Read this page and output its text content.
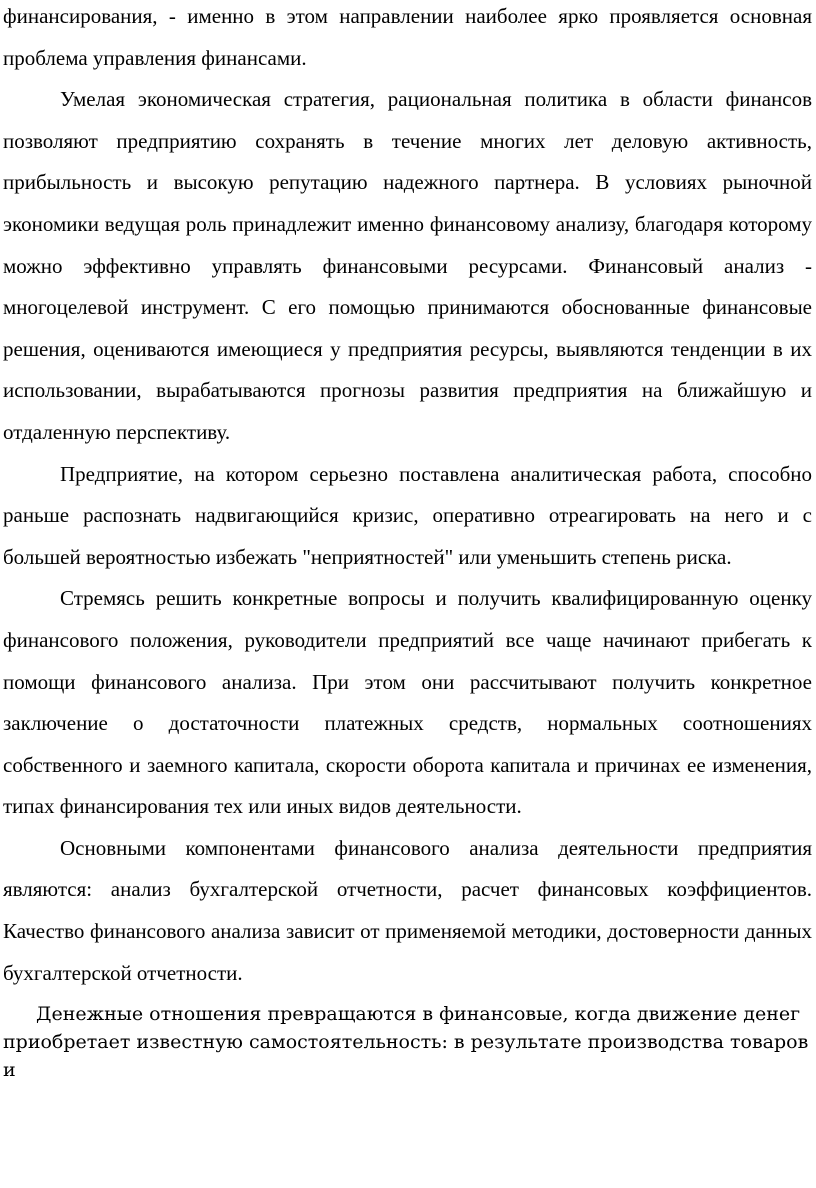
финансирования, - именно в этом направлении наиболее ярко проявляется основная проблема управления финансами.

Умелая экономическая стратегия, рациональная политика в области финансов позволяют предприятию сохранять в течение многих лет деловую активность, прибыльность и высокую репутацию надежного партнера. В условиях рыночной экономики ведущая роль принадлежит именно финансовому анализу, благодаря которому можно эффективно управлять финансовыми ресурсами. Финансовый анализ - многоцелевой инструмент. С его помощью принимаются обоснованные финансовые решения, оцениваются имеющиеся у предприятия ресурсы, выявляются тенденции в их использовании, вырабатываются прогнозы развития предприятия на ближайшую и отдаленную перспективу.

Предприятие, на котором серьезно поставлена аналитическая работа, способно раньше распознать надвигающийся кризис, оперативно отреагировать на него и с большей вероятностью избежать "неприятностей" или уменьшить степень риска.

Стремясь решить конкретные вопросы и получить квалифицированную оценку финансового положения, руководители предприятий все чаще начинают прибегать к помощи финансового анализа. При этом они рассчитывают получить конкретное заключение о достаточности платежных средств, нормальных соотношениях собственного и заемного капитала, скорости оборота капитала и причинах ее изменения, типах финансирования тех или иных видов деятельности.

Основными компонентами финансового анализа деятельности предприятия являются: анализ бухгалтерской отчетности, расчет финансовых коэффициентов. Качество финансового анализа зависит от применяемой методики, достоверности данных бухгалтерской отчетности.

Денежные отношения превращаются в финансовые, когда движение денег приобретает известную самостоятельность: в результате производства товаров и
